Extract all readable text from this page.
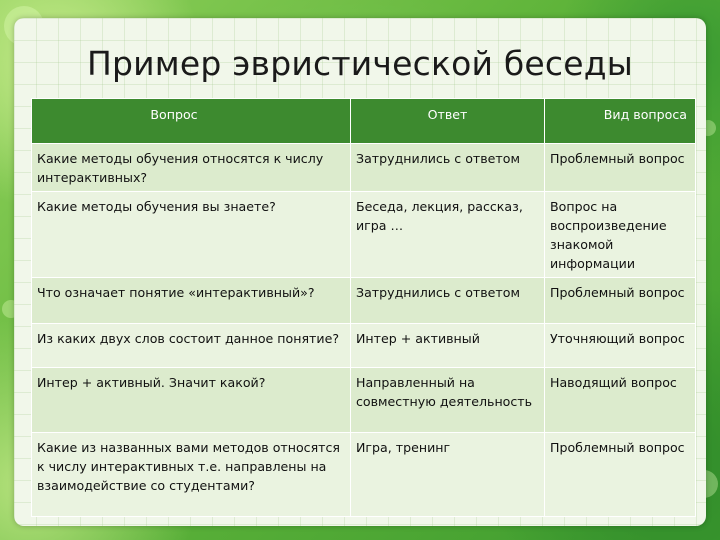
Пример эвристической беседы
Вопрос	Ответ	Вид вопроса
Какие методы обучения относятся к числу интерактивных?	Затруднились с ответом	Проблемный вопрос
Какие методы обучения вы знаете?	Беседа, лекция, рассказ, игра …	Вопрос на воспроизведение знакомой информации
Что означает понятие «интерактивный»?	Затруднились с ответом	Проблемный вопрос
Из каких двух слов состоит данное понятие?	Интер + активный	Уточняющий вопрос
Интер + активный. Значит какой?	Направленный на совместную деятельность	Наводящий вопрос
Какие из названных вами методов относятся к числу интерактивных т.е. направлены на взаимодействие со студентами?	Игра, тренинг	Проблемный вопрос
